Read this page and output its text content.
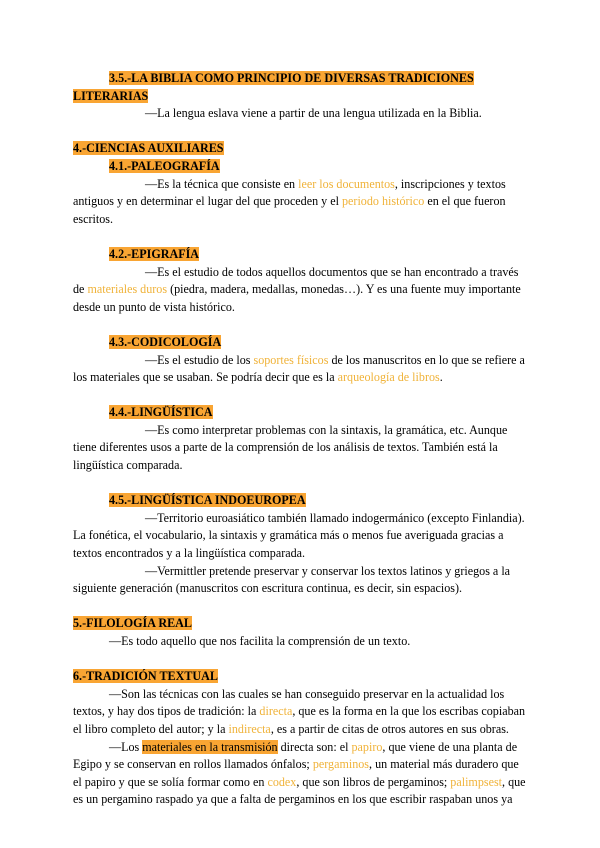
3.5.-LA BIBLIA COMO PRINCIPIO DE DIVERSAS TRADICIONES

LITERARIAS

—La lengua eslava viene a partir de una lengua utilizada en la Biblia.

4.-CIENCIAS AUXILIARES

4.1.-PALEOGRAFÍA

—Es la técnica que consiste en leer los documentos, inscripciones y textos antiguos y en determinar el lugar del que proceden y el periodo histórico en el que fueron escritos.

4.2.-EPIGRAFÍA

—Es el estudio de todos aquellos documentos que se han encontrado a través de materiales duros (piedra, madera, medallas, monedas…). Y es una fuente muy importante desde un punto de vista histórico.

4.3.-CODICOLOGÍA

—Es el estudio de los soportes físicos de los manuscritos en lo que se refiere a los materiales que se usaban. Se podría decir que es la arqueología de libros.

4.4.-LINGÜÍSTICA

—Es como interpretar problemas con la sintaxis, la gramática, etc. Aunque tiene diferentes usos a parte de la comprensión de los análisis de textos. También está la lingüística comparada.

4.5.-LINGÜÍSTICA INDOEUROPEA

—Territorio euroasiático también llamado indogermánico (excepto Finlandia). La fonética, el vocabulario, la sintaxis y gramática más o menos fue averiguada gracias a textos encontrados y a la lingüística comparada.

—Vermittler pretende preservar y conservar los textos latinos y griegos a la siguiente generación (manuscritos con escritura continua, es decir, sin espacios).

5.-FILOLOGÍA REAL

—Es todo aquello que nos facilita la comprensión de un texto.

6.-TRADICIÓN TEXTUAL

—Son las técnicas con las cuales se han conseguido preservar en la actualidad los textos, y hay dos tipos de tradición: la directa, que es la forma en la que los escribas copiaban el libro completo del autor; y la indirecta, es a partir de citas de otros autores en sus obras.

—Los materiales en la transmisión directa son: el papiro, que viene de una planta de Egipo y se conservan en rollos llamados ónfalos; pergaminos, un material más duradero que el papiro y que se solía formar como en codex, que son libros de pergaminos; palimpsest, que es un pergamino raspado ya que a falta de pergaminos en los que escribir raspaban unos ya
